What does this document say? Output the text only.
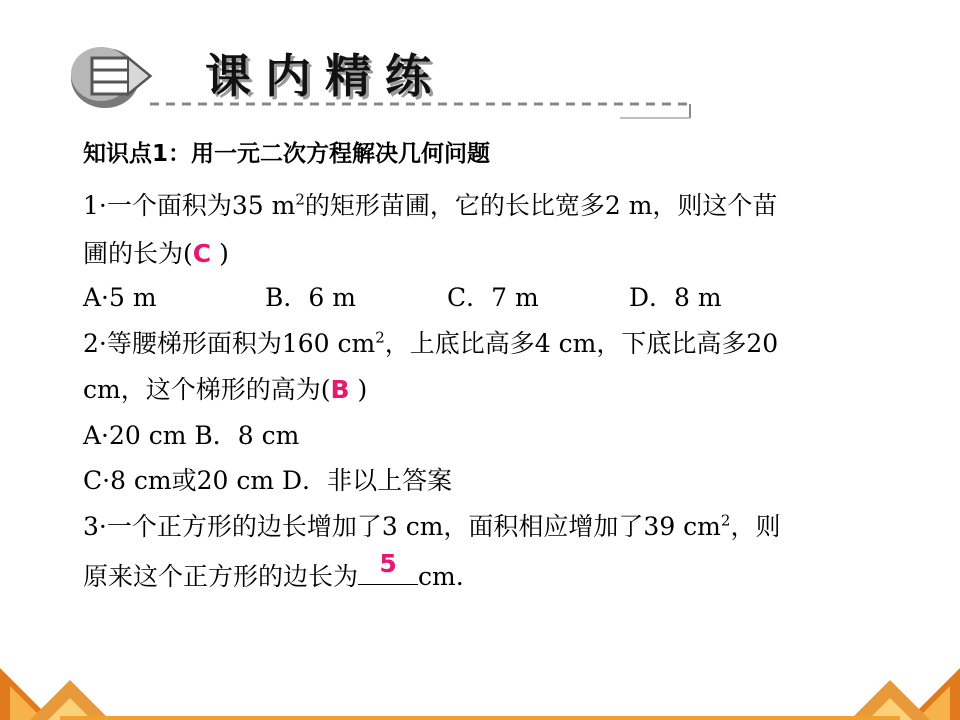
课内精练
知识点1：用一元二次方程解决几何问题
1·一个面积为35 $m^2$的矩形苗圃，它的长比宽多2 m，则这个苗
圃的长为(C )
A·5 m	B．6 m	C．7 m	D．8 m
2·等腰梯形面积为160 $cm^2$，上底比高多4 cm，下底比高多20
cm，这个梯形的高为(B )
A·20 cm B．8 cm
C·8 cm或20 cm D．非以上答案
3·一个正方形的边长增加了3 cm，面积相应增加了39 $cm^2$，则
原来这个正方形的边长为 5 cm.
